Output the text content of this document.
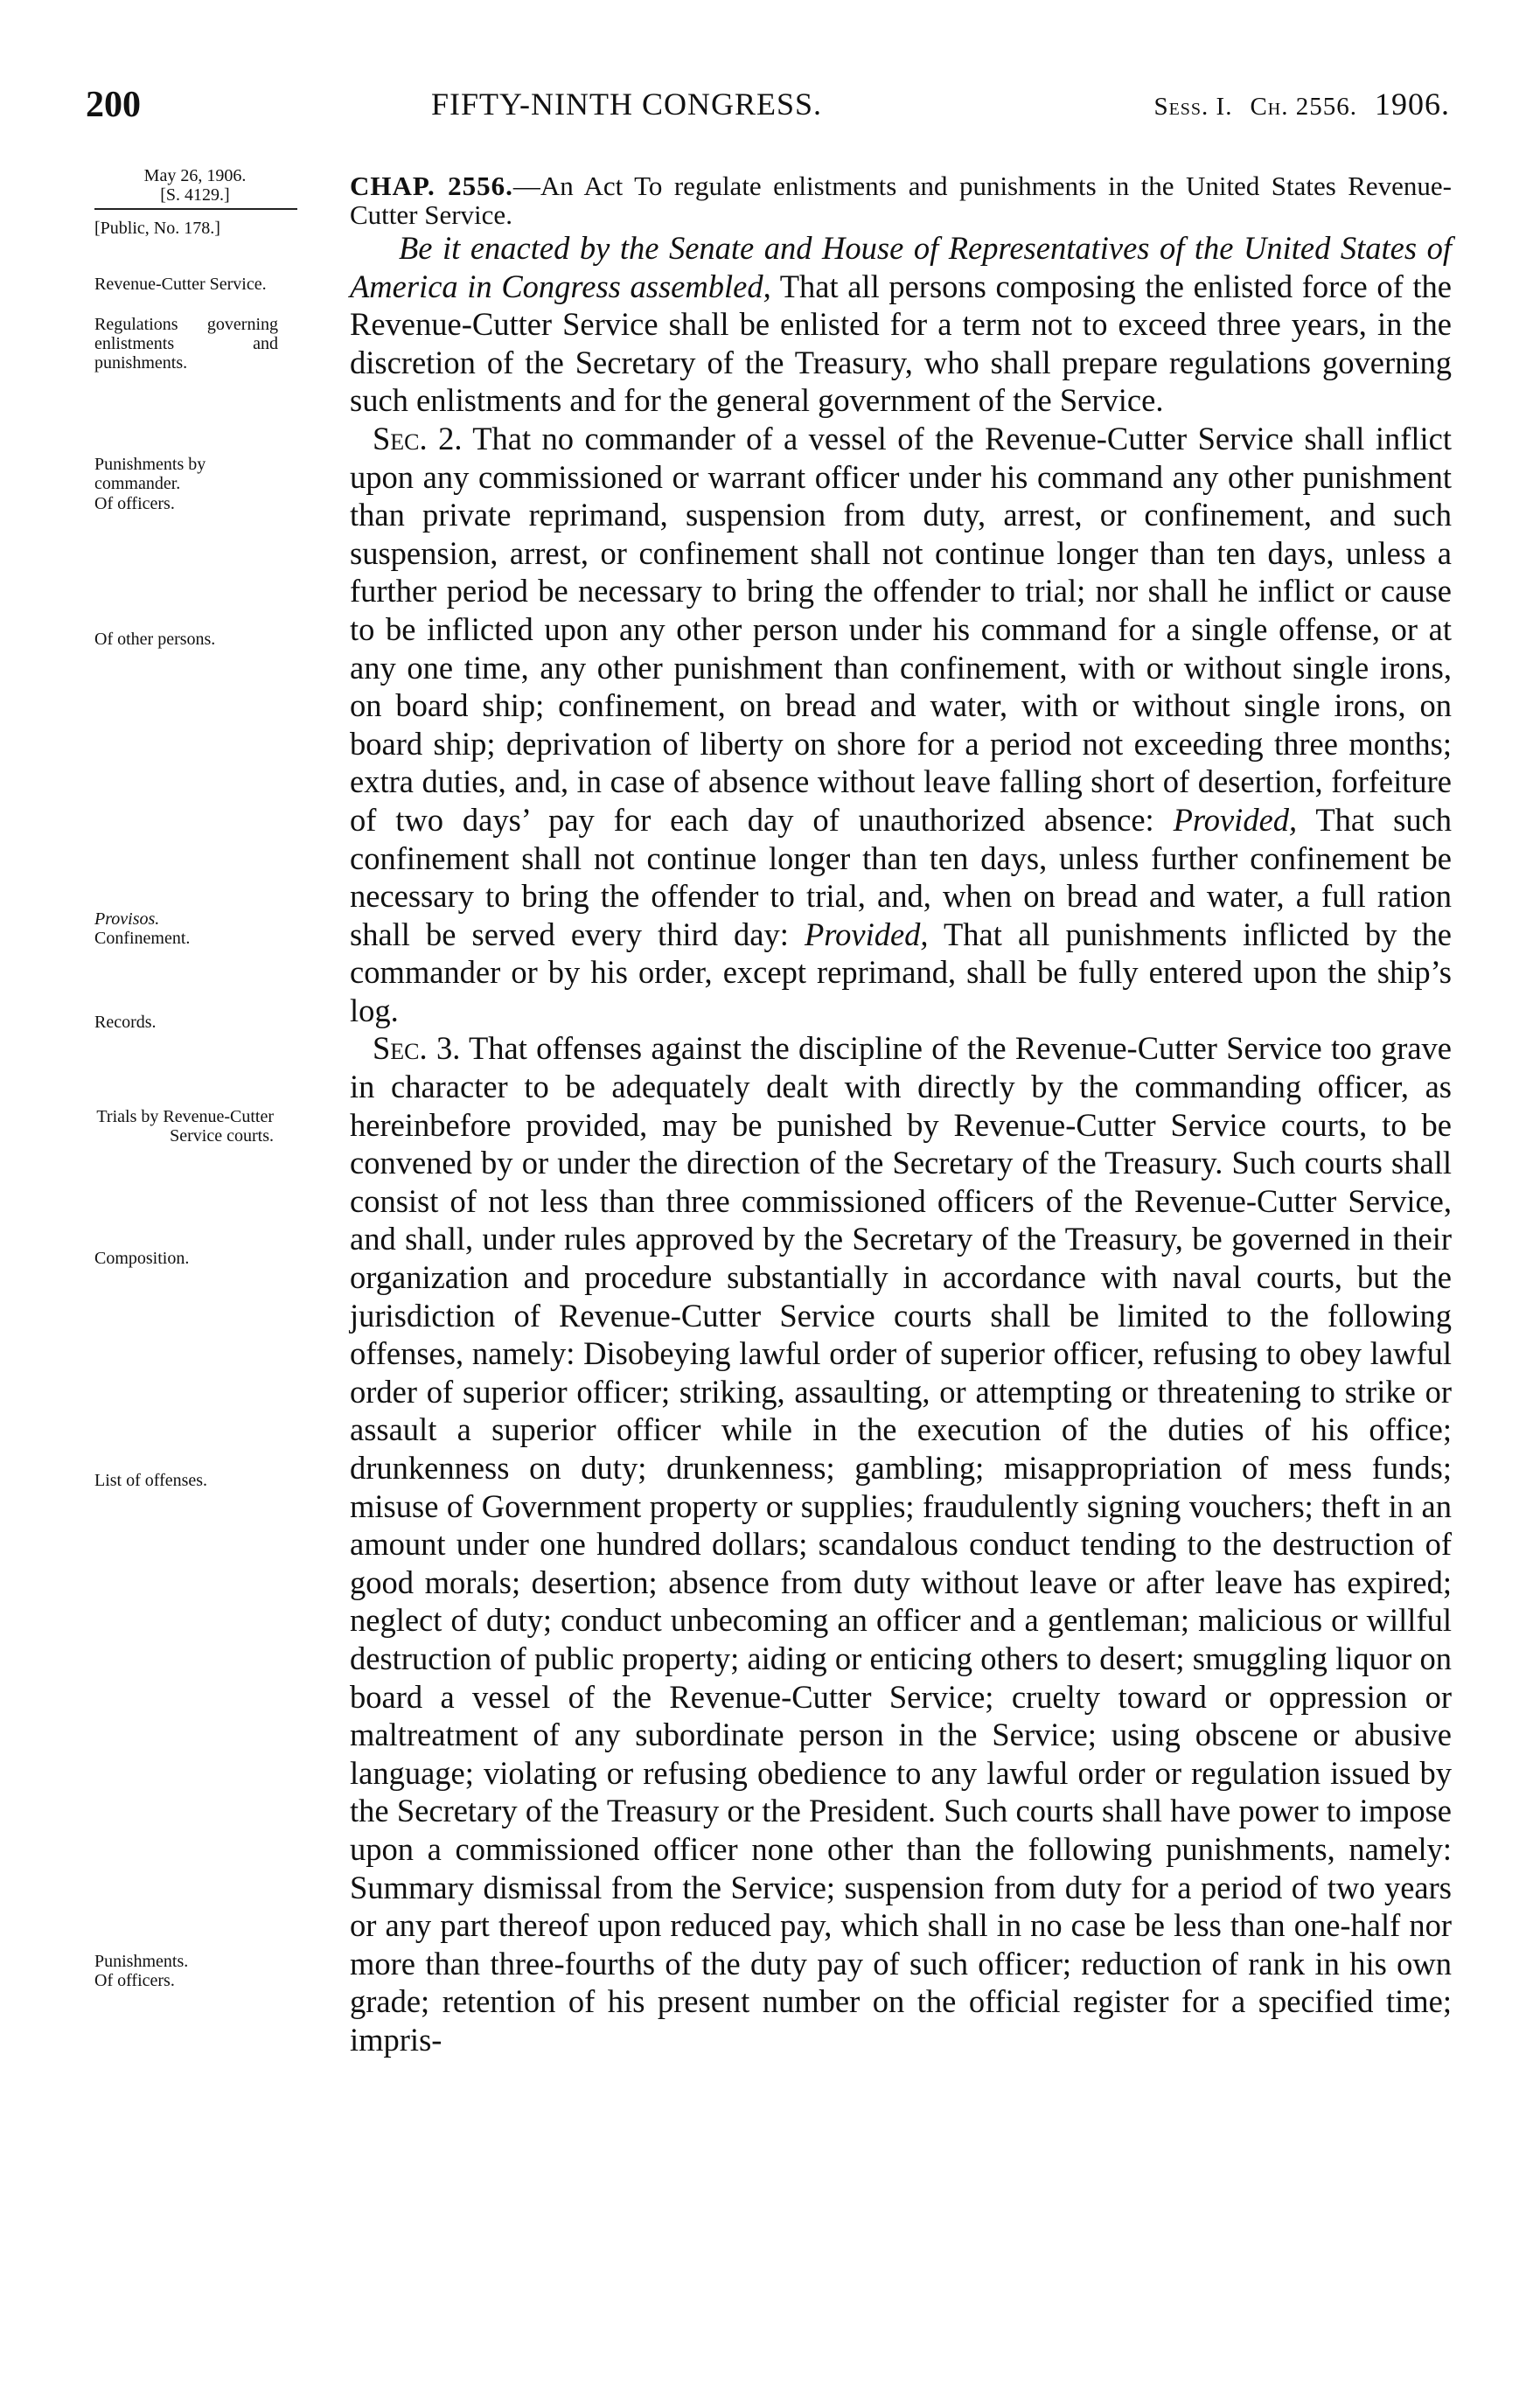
200	FIFTY-NINTH CONGRESS.	Sess. I. Ch. 2556. 1906.
May 26, 1906.
[S. 4129.]
[Public, No. 178.]
Revenue-Cutter Service.
Regulations governing enlistments and punishments.
Punishments by commander.
Of officers.
Of other persons.
Provisos.
Confinement.
Records.
Trials by Revenue-Cutter Service courts.
Composition.
List of offenses.
Punishments.
Of officers.

CHAP. 2556.—An Act To regulate enlistments and punishments in the United States Revenue-Cutter Service.

Be it enacted by the Senate and House of Representatives of the United States of America in Congress assembled, That all persons composing the enlisted force of the Revenue-Cutter Service shall be enlisted for a term not to exceed three years, in the discretion of the Secretary of the Treasury, who shall prepare regulations governing such enlistments and for the general government of the Service.

Sec. 2. That no commander of a vessel of the Revenue-Cutter Service shall inflict upon any commissioned or warrant officer under his command any other punishment than private reprimand, suspension from duty, arrest, or confinement, and such suspension, arrest, or confinement shall not continue longer than ten days, unless a further period be necessary to bring the offender to trial; nor shall he inflict or cause to be inflicted upon any other person under his command for a single offense, or at any one time, any other punishment than confinement, with or without single irons, on board ship; confinement, on bread and water, with or without single irons, on board ship; deprivation of liberty on shore for a period not exceeding three months; extra duties, and, in case of absence without leave falling short of desertion, forfeiture of two days’ pay for each day of unauthorized absence: Provided, That such confinement shall not continue longer than ten days, unless further confinement be necessary to bring the offender to trial, and, when on bread and water, a full ration shall be served every third day: Provided, That all punishments inflicted by the commander or by his order, except reprimand, shall be fully entered upon the ship’s log.

Sec. 3. That offenses against the discipline of the Revenue-Cutter Service too grave in character to be adequately dealt with directly by the commanding officer, as hereinbefore provided, may be punished by Revenue-Cutter Service courts, to be convened by or under the direction of the Secretary of the Treasury. Such courts shall consist of not less than three commissioned officers of the Revenue-Cutter Service, and shall, under rules approved by the Secretary of the Treasury, be governed in their organization and procedure substantially in accordance with naval courts, but the jurisdiction of Revenue-Cutter Service courts shall be limited to the following offenses, namely: Disobeying lawful order of superior officer, refusing to obey lawful order of superior officer; striking, assaulting, or attempting or threatening to strike or assault a superior officer while in the execution of the duties of his office; drunkenness on duty; drunkenness; gambling; misappropriation of mess funds; misuse of Government property or supplies; fraudulently signing vouchers; theft in an amount under one hundred dollars; scandalous conduct tending to the destruction of good morals; desertion; absence from duty without leave or after leave has expired; neglect of duty; conduct unbecoming an officer and a gentleman; malicious or willful destruction of public property; aiding or enticing others to desert; smuggling liquor on board a vessel of the Revenue-Cutter Service; cruelty toward or oppression or maltreatment of any subordinate person in the Service; using obscene or abusive language; violating or refusing obedience to any lawful order or regulation issued by the Secretary of the Treasury or the President. Such courts shall have power to impose upon a commissioned officer none other than the following punishments, namely: Summary dismissal from the Service; suspension from duty for a period of two years or any part thereof upon reduced pay, which shall in no case be less than one-half nor more than three-fourths of the duty pay of such officer; reduction of rank in his own grade; retention of his present number on the official register for a specified time; impris-
